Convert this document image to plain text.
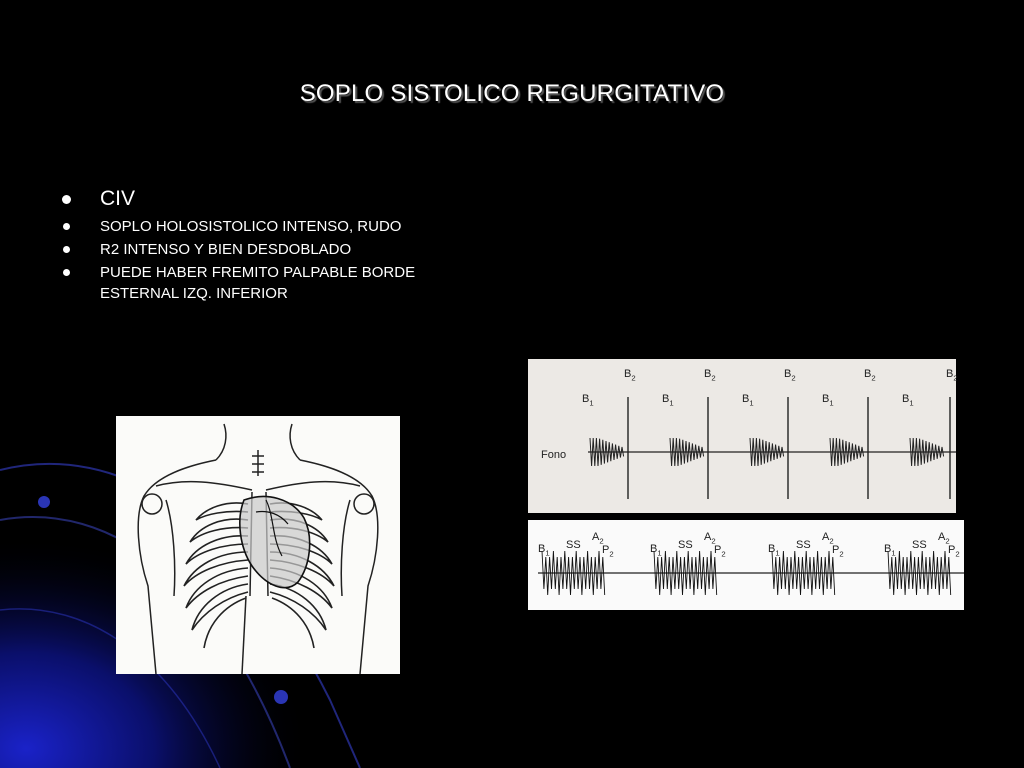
SOPLO SISTOLICO REGURGITATIVO
CIV
SOPLO HOLOSISTOLICO INTENSO, RUDO
R2 INTENSO Y BIEN DESDOBLADO
PUEDE HABER FREMITO PALPABLE BORDE ESTERNAL IZQ. INFERIOR
Fono
$B_1$
$B_2$
$B_1$
$B_2$
$B_1$
$B_2$
$B_1$
$B_2$
$B_1$
$B_2$
$B_1$
SS
$A_2$
$P_2$	$B_1$
SS
$A_2$
$P_2$	$B_1$
SS
$A_2$
$P_2$	$B_1$
SS
$A_2$
$P_2$
